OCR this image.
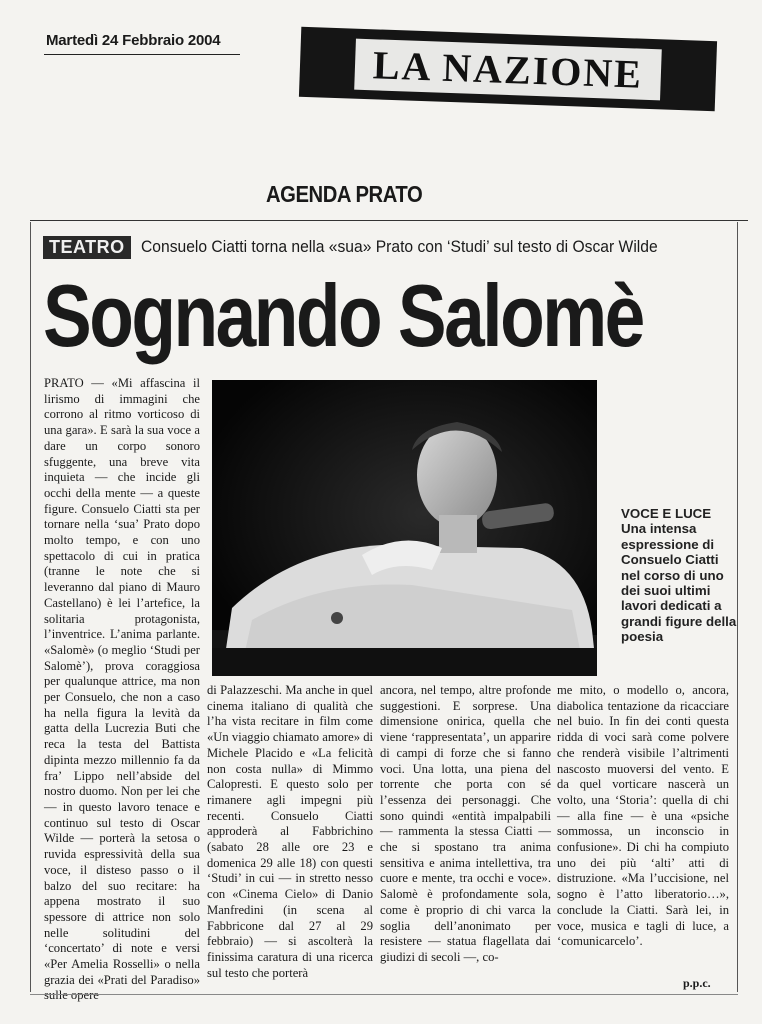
Martedì 24 Febbraio 2004
LA NAZIONE
AGENDA PRATO
TEATRO Consuelo Ciatti torna nella «sua» Prato con ‘Studi’ sul testo di Oscar Wilde
Sognando Salomè

PRATO — «Mi affascina il lirismo di immagini che corrono al ritmo vorticoso di una gara». E sarà la sua voce a dare un corpo sonoro sfuggente, una breve vita inquieta — che incide gli occhi della mente — a queste figure. Consuelo Ciatti sta per tornare nella ‘sua’ Prato dopo molto tempo, e con uno spettacolo di cui in pratica (tranne le note che si leveranno dal piano di Mauro Castellano) è lei l’artefice, la solitaria protagonista, l’inventrice. L’anima parlante. «Salomè» (o meglio ‘Studi per Salomè’), prova coraggiosa per qualunque attrice, ma non per Consuelo, che non a caso ha nella figura la levità da gatta della Lucrezia Buti che reca la testa del Battista dipinta mezzo millennio fa da fra’ Lippo nell’abside del nostro duomo. Non per lei che — in questo lavoro tenace e continuo sul testo di Oscar Wilde — porterà la setosa o ruvida espressività della sua voce, il disteso passo o il balzo del suo recitare: ha appena mostrato il suo spessore di attrice non solo nelle solitudini del ‘concertato’ di note e versi «Per Amelia Rosselli» o nella grazia dei «Prati del Paradiso» sulle opere

VOCE E LUCE Una intensa espressione di Consuelo Ciatti nel corso di uno dei suoi ultimi lavori dedicati a grandi figure della poesia

di Palazzeschi. Ma anche in quel cinema italiano di qualità che l’ha vista recitare in film come «Un viaggio chiamato amore» di Michele Placido e «La felicità non costa nulla» di Mimmo Calopresti. E questo solo per rimanere agli impegni più recenti. Consuelo Ciatti approderà al Fabbrichino (sabato 28 alle ore 23 e domenica 29 alle 18) con questi ‘Studi’ in cui — in stretto nesso con «Cinema Cielo» di Danio Manfredini (in scena al Fabbricone dal 27 al 29 febbraio) — si ascolterà la finissima caratura di una ricerca sul testo che porterà

ancora, nel tempo, altre profonde suggestioni. E sorprese. Una dimensione onirica, quella che viene ‘rappresentata’, un apparire di campi di forze che si fanno voci. Una lotta, una piena del torrente che porta con sé l’essenza dei personaggi. Che sono quindi «entità impalpabili — rammenta la stessa Ciatti — che si spostano tra anima sensitiva e anima intellettiva, tra cuore e mente, tra occhi e voce». Salomè è profondamente sola, come è proprio di chi varca la soglia dell’anonimato per resistere — statua flagellata dai giudizi di secoli —, co-

me mito, o modello o, ancora, diabolica tentazione da ricacciare nel buio. In fin dei conti questa ridda di voci sarà come polvere che renderà visibile l’altrimenti nascosto muoversi del vento. E da quel vorticare nascerà un volto, una ‘Storia’: quella di chi — alla fine — è una «psiche sommossa, un inconscio in confusione». Di chi ha compiuto uno dei più ‘alti’ atti di distruzione. «Ma l’uccisione, nel sogno è l’atto liberatorio…», conclude la Ciatti. Sarà lei, in voce, musica e tagli di luce, a ‘comunicarcelo’.

p.p.c.
